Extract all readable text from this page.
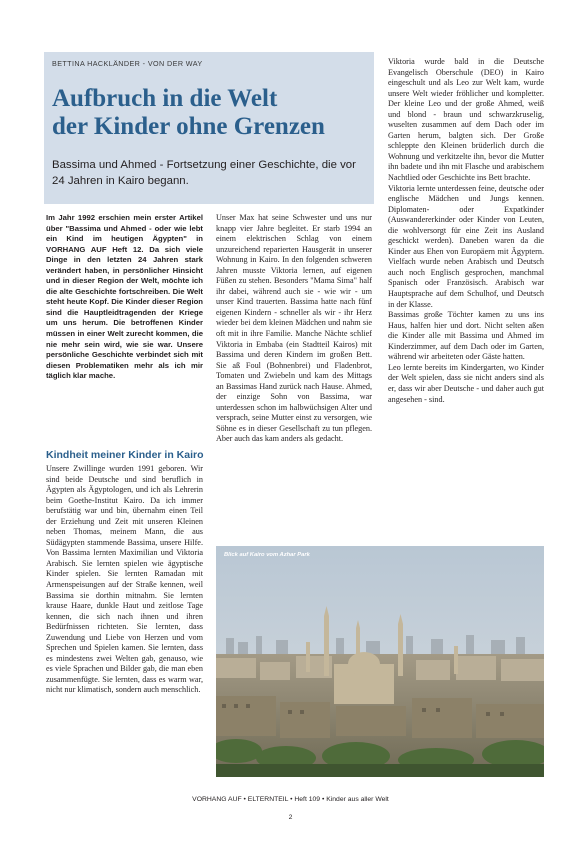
BETTINA HACKLÄNDER - VON DER WAY
Aufbruch in die Welt
der Kinder ohne Grenzen
Bassima und Ahmed - Fortsetzung einer Geschichte, die vor 24 Jahren in Kairo begann.

Im Jahr 1992 erschien mein erster Artikel über "Bassima und Ahmed - oder wie lebt ein Kind im heutigen Ägypten" in VORHANG AUF Heft 12. Da sich viele Dinge in den letzten 24 Jahren stark verändert haben, in persönlicher Hinsicht und in dieser Region der Welt, möchte ich die alte Geschichte fortschreiben. Die Welt steht heute Kopf. Die Kinder dieser Region sind die Hauptleidtragenden der Kriege um uns herum. Die betroffenen Kinder müssen in einer Welt zurecht kommen, die nie mehr sein wird, wie sie war. Unsere persönliche Geschichte verbindet sich mit diesen Problematiken mehr als ich mir täglich klar mache.

Kindheit meiner Kinder in Kairo

Unsere Zwillinge wurden 1991 geboren. Wir sind beide Deutsche und sind beruflich in Ägypten als Ägyptologen, und ich als Lehrerin beim Goethe-Institut Kairo. Da ich immer berufstätig war und bin, übernahm einen Teil der Erziehung und Zeit mit unseren Kleinen neben Thomas, meinem Mann, die aus Südägypten stammende Bassima, unsere Hilfe. Von Bassima lernten Maximilian und Viktoria Arabisch. Sie lernten spielen wie ägyptische Kinder spielen. Sie lernten Ramadan mit Armenspeisungen auf der Straße kennen, weil Bassima sie dorthin mitnahm. Sie lernten krause Haare, dunkle Haut und zeitlose Tage kennen, die sich nach ihnen und ihren Bedürfnissen richteten. Sie lernten, dass Zuwendung und Liebe von Herzen und vom Sprechen und Spielen kamen. Sie lernten, dass es mindestens zwei Welten gab, genauso, wie es viele Sprachen und Bilder gab, die man eben zusammenfügte. Sie lernten, dass es warm war, nicht nur klimatisch, sondern auch menschlich.

Unser Max hat seine Schwester und uns nur knapp vier Jahre begleitet. Er starb 1994 an einem elektrischen Schlag von einem unzureichend reparierten Hausgerät in unserer Wohnung in Kairo. In den folgenden schweren Jahren musste Viktoria lernen, auf eigenen Füßen zu stehen. Besonders "Mama Sima" half ihr dabei, während auch sie - wie wir - um unser Kind trauerten. Bassima hatte nach fünf eigenen Kindern - schneller als wir - ihr Herz wieder bei dem kleinen Mädchen und nahm sie oft mit in ihre Familie. Manche Nächte schlief Viktoria in Embaba (ein Stadtteil Kairos) mit Bassima und deren Kindern im großen Bett. Sie aß Foul (Bohnenbrei) und Fladenbrot, Tomaten und Zwiebeln und kam des Mittags an Bassimas Hand zurück nach Hause. Ahmed, der einzige Sohn von Bassima, war unterdessen schon im halbwüchsigen Alter und versprach, seine Mutter einst zu versorgen, wie Söhne es in dieser Gesellschaft zu tun pflegen. Aber auch das kam anders als gedacht.

Viktoria wurde bald in die Deutsche Evangelisch Oberschule (DEO) in Kairo eingeschult und als Leo zur Welt kam, wurde unsere Welt wieder fröhlicher und kompletter. Der kleine Leo und der große Ahmed, weiß und blond - braun und schwarzkruselig, wuselten zusammen auf dem Dach oder im Garten herum, balgten sich. Der Große schleppte den Kleinen brüderlich durch die Wohnung und verkitzelte ihn, bevor die Mutter ihn badete und ihn mit Flasche und arabischem Nachtlied oder Geschichte ins Bett brachte.

Viktoria lernte unterdessen feine, deutsche oder englische Mädchen und Jungs kennen. Diplomaten- oder Expatkinder (Auswandererkinder oder Kinder von Leuten, die wohlversorgt für eine Zeit ins Ausland geschickt werden). Daneben waren da die Kinder aus Ehen von Europäern mit Ägyptern. Vielfach wurde neben Arabisch und Deutsch auch noch Englisch gesprochen, manchmal Spanisch oder Französisch. Arabisch war Hauptsprache auf dem Schulhof, und Deutsch in der Klasse.

Bassimas große Töchter kamen zu uns ins Haus, halfen hier und dort. Nicht selten aßen die Kinder alle mit Bassima und Ahmed im Kinderzimmer, auf dem Dach oder im Garten, während wir arbeiteten oder Gäste hatten.

Leo lernte bereits im Kindergarten, wo Kinder der Welt spielen, dass sie nicht anders sind als er, dass wir aber Deutsche - und daher auch gut angesehen - sind.

Blick auf Kairo vom Azhar Park
VORHANG AUF • ELTERNTEIL • Heft 109 • Kinder aus aller Welt
2
